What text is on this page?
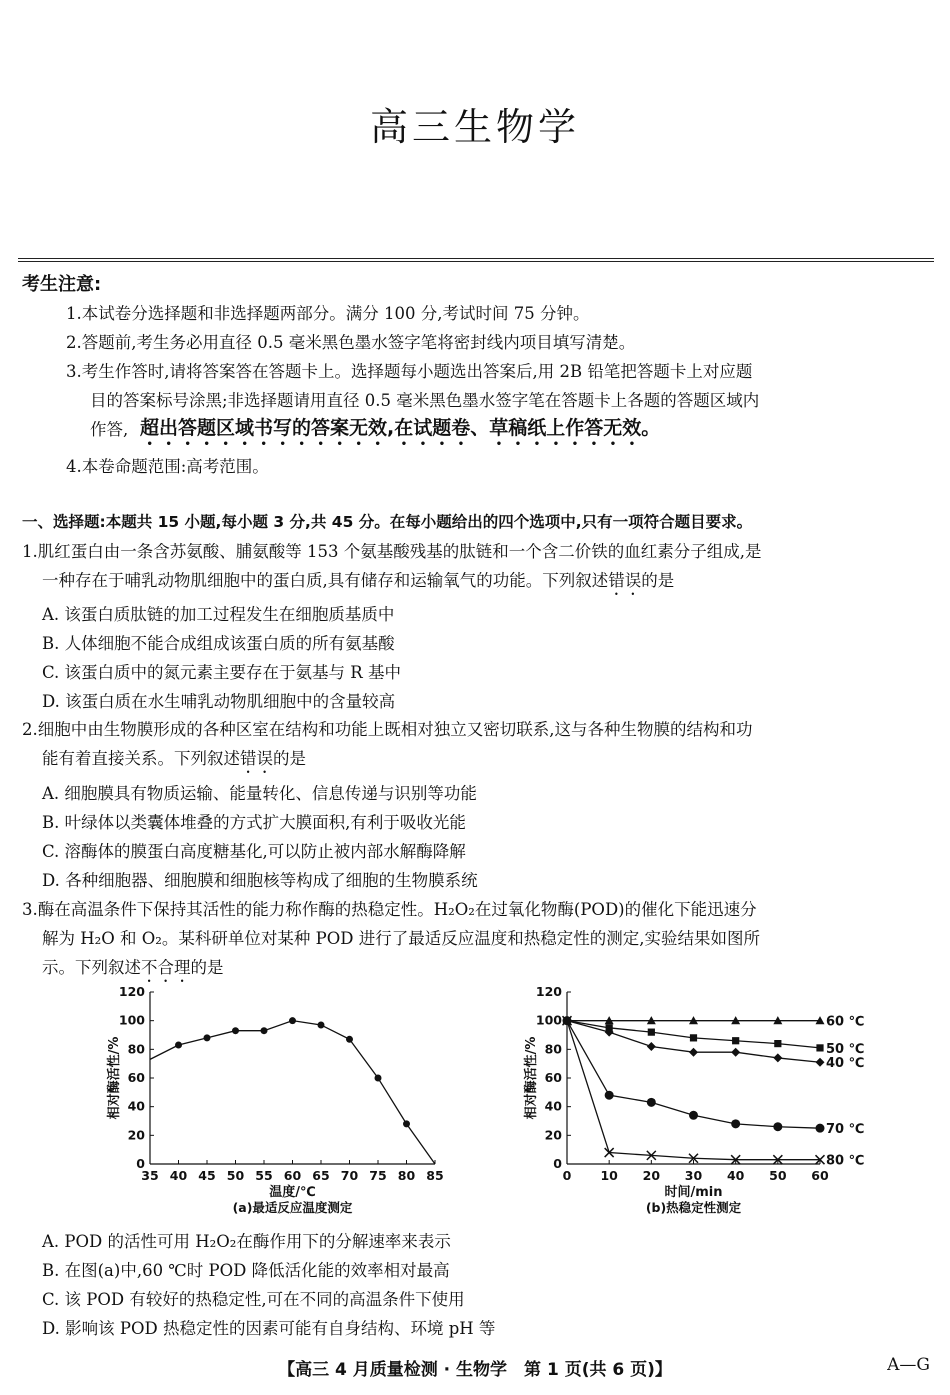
高三生物学
考生注意:
1.本试卷分选择题和非选择题两部分。满分 100 分,考试时间 75 分钟。
2.答题前,考生务必用直径 0.5 毫米黑色墨水签字笔将密封线内项目填写清楚。
3.考生作答时,请将答案答在答题卡上。选择题每小题选出答案后,用 2B 铅笔把答题卡上对应题
目的答案标号涂黑;非选择题请用直径 0.5 毫米黑色墨水签字笔在答题卡上各题的答题区域内
作答, 超出答题区域书写的答案无效,在试题卷、草稿纸上作答无效。
4.本卷命题范围:高考范围。
一、选择题:本题共 15 小题,每小题 3 分,共 45 分。在每小题给出的四个选项中,只有一项符合题目要求。
1.肌红蛋白由一条含苏氨酸、脯氨酸等 153 个氨基酸残基的肽链和一个含二价铁的血红素分子组成,是
一种存在于哺乳动物肌细胞中的蛋白质,具有储存和运输氧气的功能。下列叙述错误的是
A. 该蛋白质肽链的加工过程发生在细胞质基质中
B. 人体细胞不能合成组成该蛋白质的所有氨基酸
C. 该蛋白质中的氮元素主要存在于氨基与 R 基中
D. 该蛋白质在水生哺乳动物肌细胞中的含量较高
2.细胞中由生物膜形成的各种区室在结构和功能上既相对独立又密切联系,这与各种生物膜的结构和功
能有着直接关系。下列叙述错误的是
A. 细胞膜具有物质运输、能量转化、信息传递与识别等功能
B. 叶绿体以类囊体堆叠的方式扩大膜面积,有利于吸收光能
C. 溶酶体的膜蛋白高度糖基化,可以防止被内部水解酶降解
D. 各种细胞器、细胞膜和细胞核等构成了细胞的生物膜系统
3.酶在高温条件下保持其活性的能力称作酶的热稳定性。H₂O₂在过氧化物酶(POD)的催化下能迅速分
解为 H₂O 和 O₂。某科研单位对某种 POD 进行了最适反应温度和热稳定性的测定,实验结果如图所
示。下列叙述不合理的是
0
20
40
60
80
100
120
35 40 45 50 55 60 65 70 75 80 85
温度/℃
(a)最适反应温度测定
相对酶活性/%
0
20
40
60
80
100
120
0 10 20 30 40 50 60
时间/min
(b)热稳定性测定
相对酶活性/%
60 ℃
50 ℃
40 ℃
70 ℃
80 ℃
A. POD 的活性可用 H₂O₂在酶作用下的分解速率来表示
B. 在图(a)中,60 ℃时 POD 降低活化能的效率相对最高
C. 该 POD 有较好的热稳定性,可在不同的高温条件下使用
D. 影响该 POD 热稳定性的因素可能有自身结构、环境 pH 等
【高三 4 月质量检测 · 生物学　第 1 页(共 6 页)】	A—G
